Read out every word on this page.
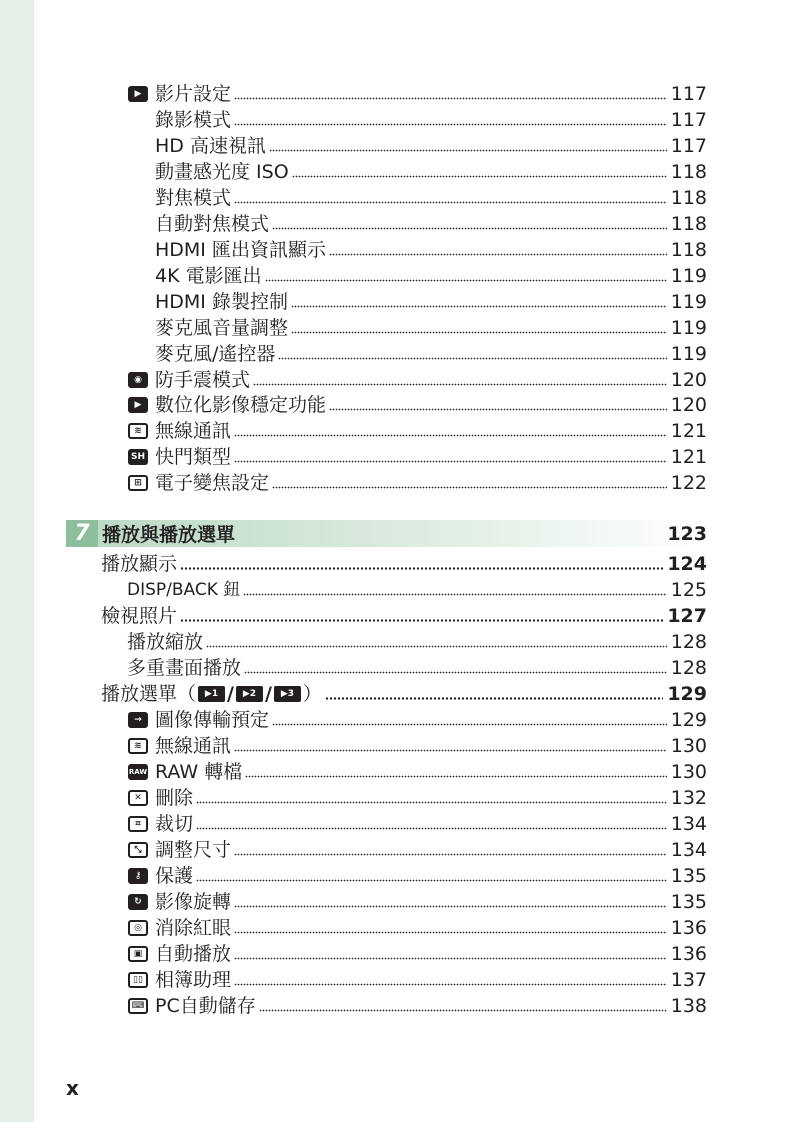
▶ 影片設定	117
錄影模式	117
HD 高速視訊	117
動畫感光度 ISO	118
對焦模式	118
自動對焦模式	118
HDMI 匯出資訊顯示	118
4K 電影匯出	119
HDMI 錄製控制	119
麥克風音量調整	119
麥克風/遙控器	119
◉ 防手震模式	120
▶ 數位化影像穩定功能	120
≋ 無線通訊	121
SH 快門類型	121
⊞ 電子變焦設定	122
7 播放與播放選單	123
播放顯示	124
DISP/BACK 鈕	125
檢視照片	127
播放縮放	128
多重畫面播放	128
播放選單（ ▶1 / ▶2 / ▶3 ）	129
→ 圖像傳輸預定	129
≋ 無線通訊	130
RAW RAW 轉檔	130
✕ 刪除	132
⌗ 裁切	134
⤡ 調整尺寸	134
⚷ 保護	135
↻ 影像旋轉	135
◎ 消除紅眼	136
▣ 自動播放	136
▯▯ 相簿助理	137
⌨ PC自動儲存	138
x
